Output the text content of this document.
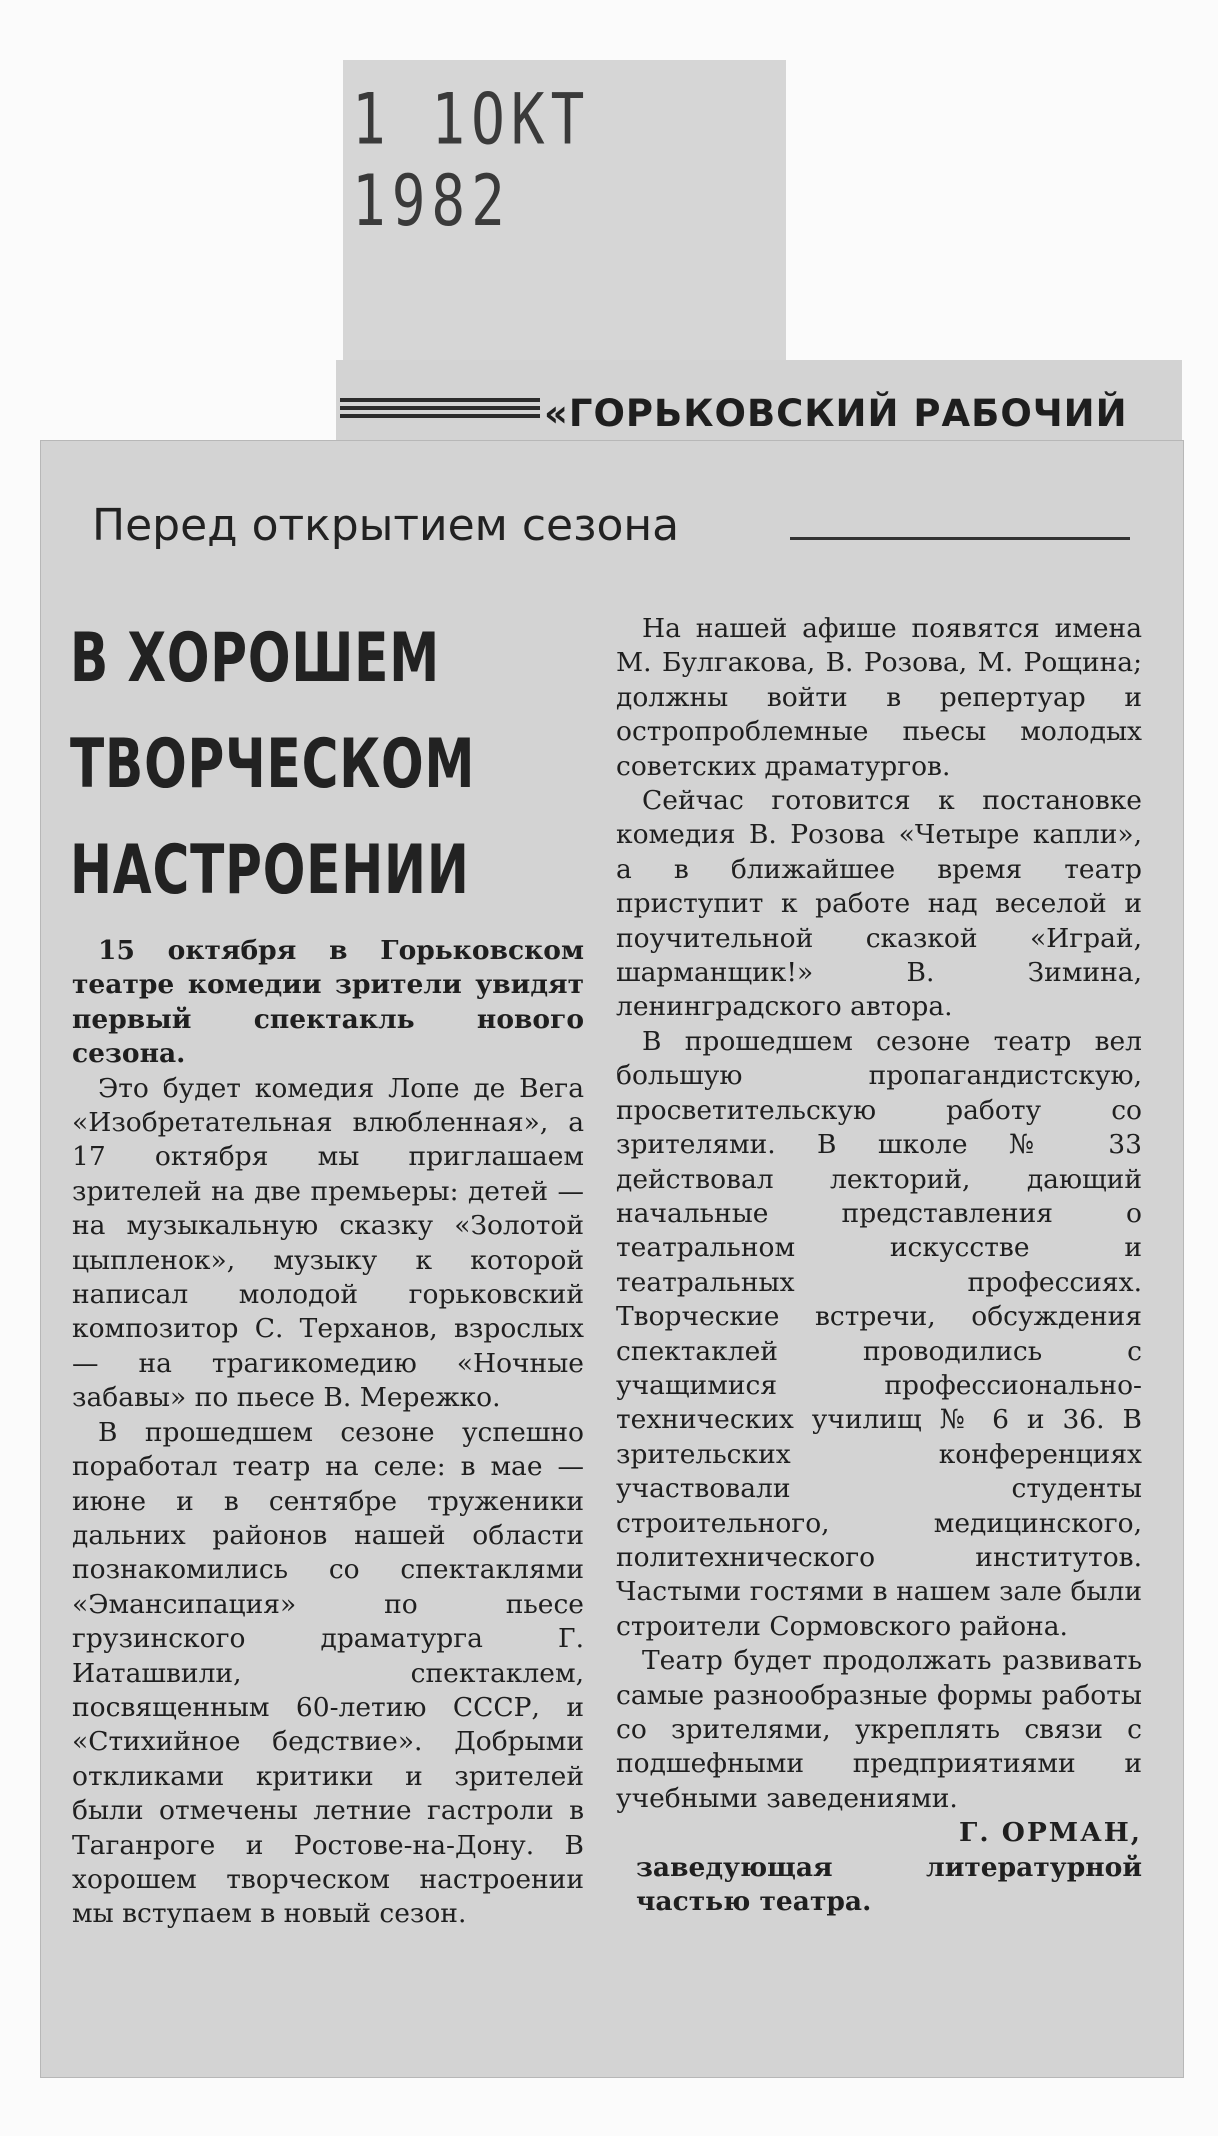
1 1ОКТ 1982
«ГОРЬКОВСКИЙ РАБОЧИЙ
Перед открытием сезона
В ХОРОШЕМ
ТВОРЧЕСКОМ
НАСТРОЕНИИ

15 октября в Горьковском театре комедии зрители увидят первый спектакль нового сезона.

Это будет комедия Лопе де Вега «Изобретательная влюбленная», а 17 октября мы приглашаем зрителей на две премьеры: детей — на музыкальную сказку «Золотой цыпленок», музыку к которой написал молодой горьковский композитор С. Терханов, взрослых — на трагикомедию «Ночные забавы» по пьесе В. Мережко.

В прошедшем сезоне успешно поработал театр на селе: в мае — июне и в сентябре труженики дальних районов нашей области познакомились со спектаклями «Эмансипация» по пьесе грузинского драматурга Г. Иаташвили, спектаклем, посвященным 60-летию СССР, и «Стихийное бедствие». Добрыми откликами критики и зрителей были отмечены летние гастроли в Таганроге и Ростове-на-Дону. В хорошем творческом настроении мы вступаем в новый сезон.

На нашей афише появятся имена М. Булгакова, В. Розова, М. Рощина; должны войти в репертуар и остропроблемные пьесы молодых советских драматургов.

Сейчас готовится к постановке комедия В. Розова «Четыре капли», а в ближайшее время театр приступит к работе над веселой и поучительной сказкой «Играй, шарманщик!» В. Зимина, ленинградского автора.

В прошедшем сезоне театр вел большую пропагандистскую, просветительскую работу со зрителями. В школе № 33 действовал лекторий, дающий начальные представления о театральном искусстве и театральных профессиях. Творческие встречи, обсуждения спектаклей проводились с учащимися профессионально-технических училищ № 6 и 36. В зрительских конференциях участвовали студенты строительного, медицинского, политехнического институтов. Частыми гостями в нашем зале были строители Сормовского района.

Театр будет продолжать развивать самые разнообразные формы работы со зрителями, укреплять связи с подшефными предприятиями и учебными заведениями.

Г. ОРМАН,

заведующая литературной частью театра.
